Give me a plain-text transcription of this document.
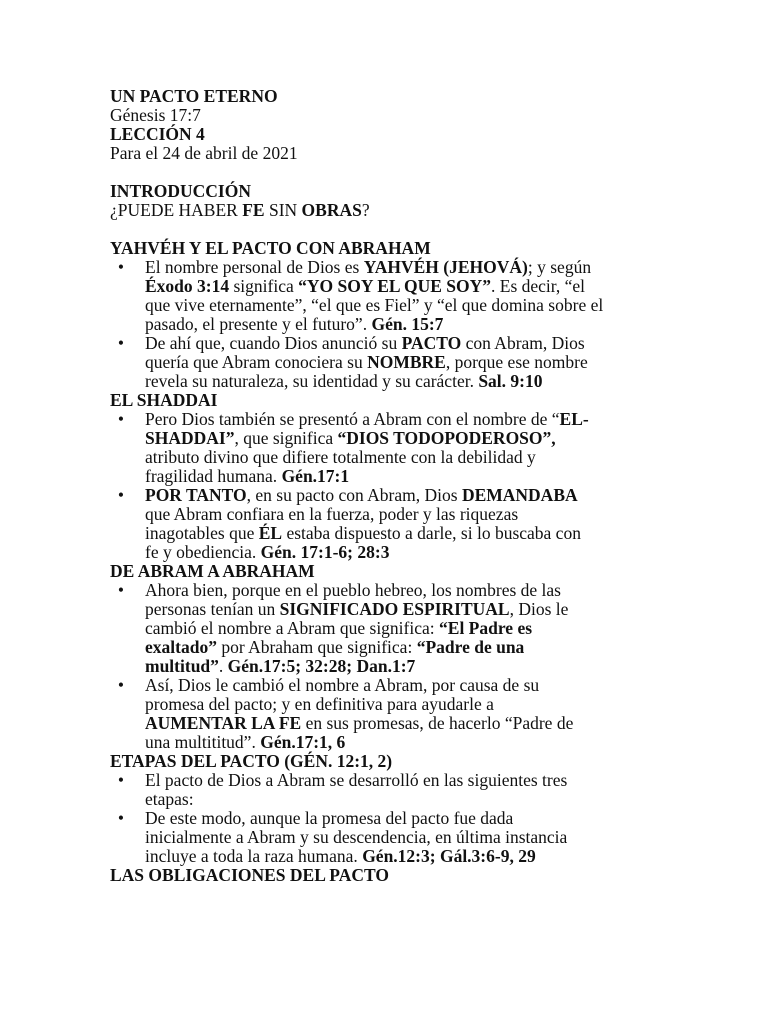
UN PACTO ETERNO
Génesis 17:7
LECCIÓN 4
Para el 24 de abril de 2021
INTRODUCCIÓN
¿PUEDE HABER FE SIN OBRAS?
YAHVÉH Y EL PACTO CON ABRAHAM
• El nombre personal de Dios es YAHVÉH (JEHOVÁ); y según
Éxodo 3:14 significa “YO SOY EL QUE SOY”. Es decir, “el
que vive eternamente”, “el que es Fiel” y “el que domina sobre el
pasado, el presente y el futuro”. Gén. 15:7
• De ahí que, cuando Dios anunció su PACTO con Abram, Dios
quería que Abram conociera su NOMBRE, porque ese nombre
revela su naturaleza, su identidad y su carácter. Sal. 9:10
EL SHADDAI
• Pero Dios también se presentó a Abram con el nombre de “EL-
SHADDAI”, que significa “DIOS TODOPODEROSO”,
atributo divino que difiere totalmente con la debilidad y
fragilidad humana. Gén.17:1
• POR TANTO, en su pacto con Abram, Dios DEMANDABA
que Abram confiara en la fuerza, poder y las riquezas
inagotables que ÉL estaba dispuesto a darle, si lo buscaba con
fe y obediencia. Gén. 17:1-6; 28:3
DE ABRAM A ABRAHAM
• Ahora bien, porque en el pueblo hebreo, los nombres de las
personas tenían un SIGNIFICADO ESPIRITUAL, Dios le
cambió el nombre a Abram que significa: “El Padre es
exaltado” por Abraham que significa: “Padre de una
multitud”. Gén.17:5; 32:28; Dan.1:7
• Así, Dios le cambió el nombre a Abram, por causa de su
promesa del pacto; y en definitiva para ayudarle a
AUMENTAR LA FE en sus promesas, de hacerlo “Padre de
una multititud”. Gén.17:1, 6
ETAPAS DEL PACTO (GÉN. 12:1, 2)
• El pacto de Dios a Abram se desarrolló en las siguientes tres
etapas:
• De este modo, aunque la promesa del pacto fue dada
inicialmente a Abram y su descendencia, en última instancia
incluye a toda la raza humana. Gén.12:3; Gál.3:6-9, 29
LAS OBLIGACIONES DEL PACTO
